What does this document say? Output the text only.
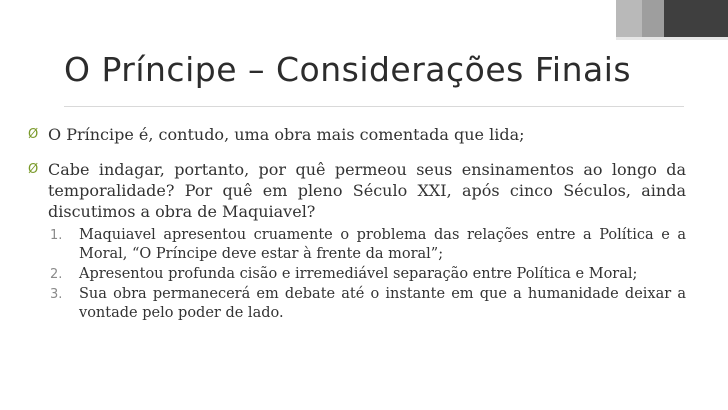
O Príncipe – Considerações Finais
Ø O Príncipe é, contudo, uma obra mais comentada que lida;
Ø Cabe indagar, portanto, por quê permeou seus ensinamentos ao longo da temporalidade? Por quê em pleno Século XXI, após cinco Séculos, ainda discutimos a obra de Maquiavel?
1. Maquiavel apresentou cruamente o problema das relações entre a Política e a Moral, “O Príncipe deve estar à frente da moral”;
2. Apresentou profunda cisão e irremediável separação entre Política e Moral;
3. Sua obra permanecerá em debate até o instante em que a humanidade deixar a vontade pelo poder de lado.
